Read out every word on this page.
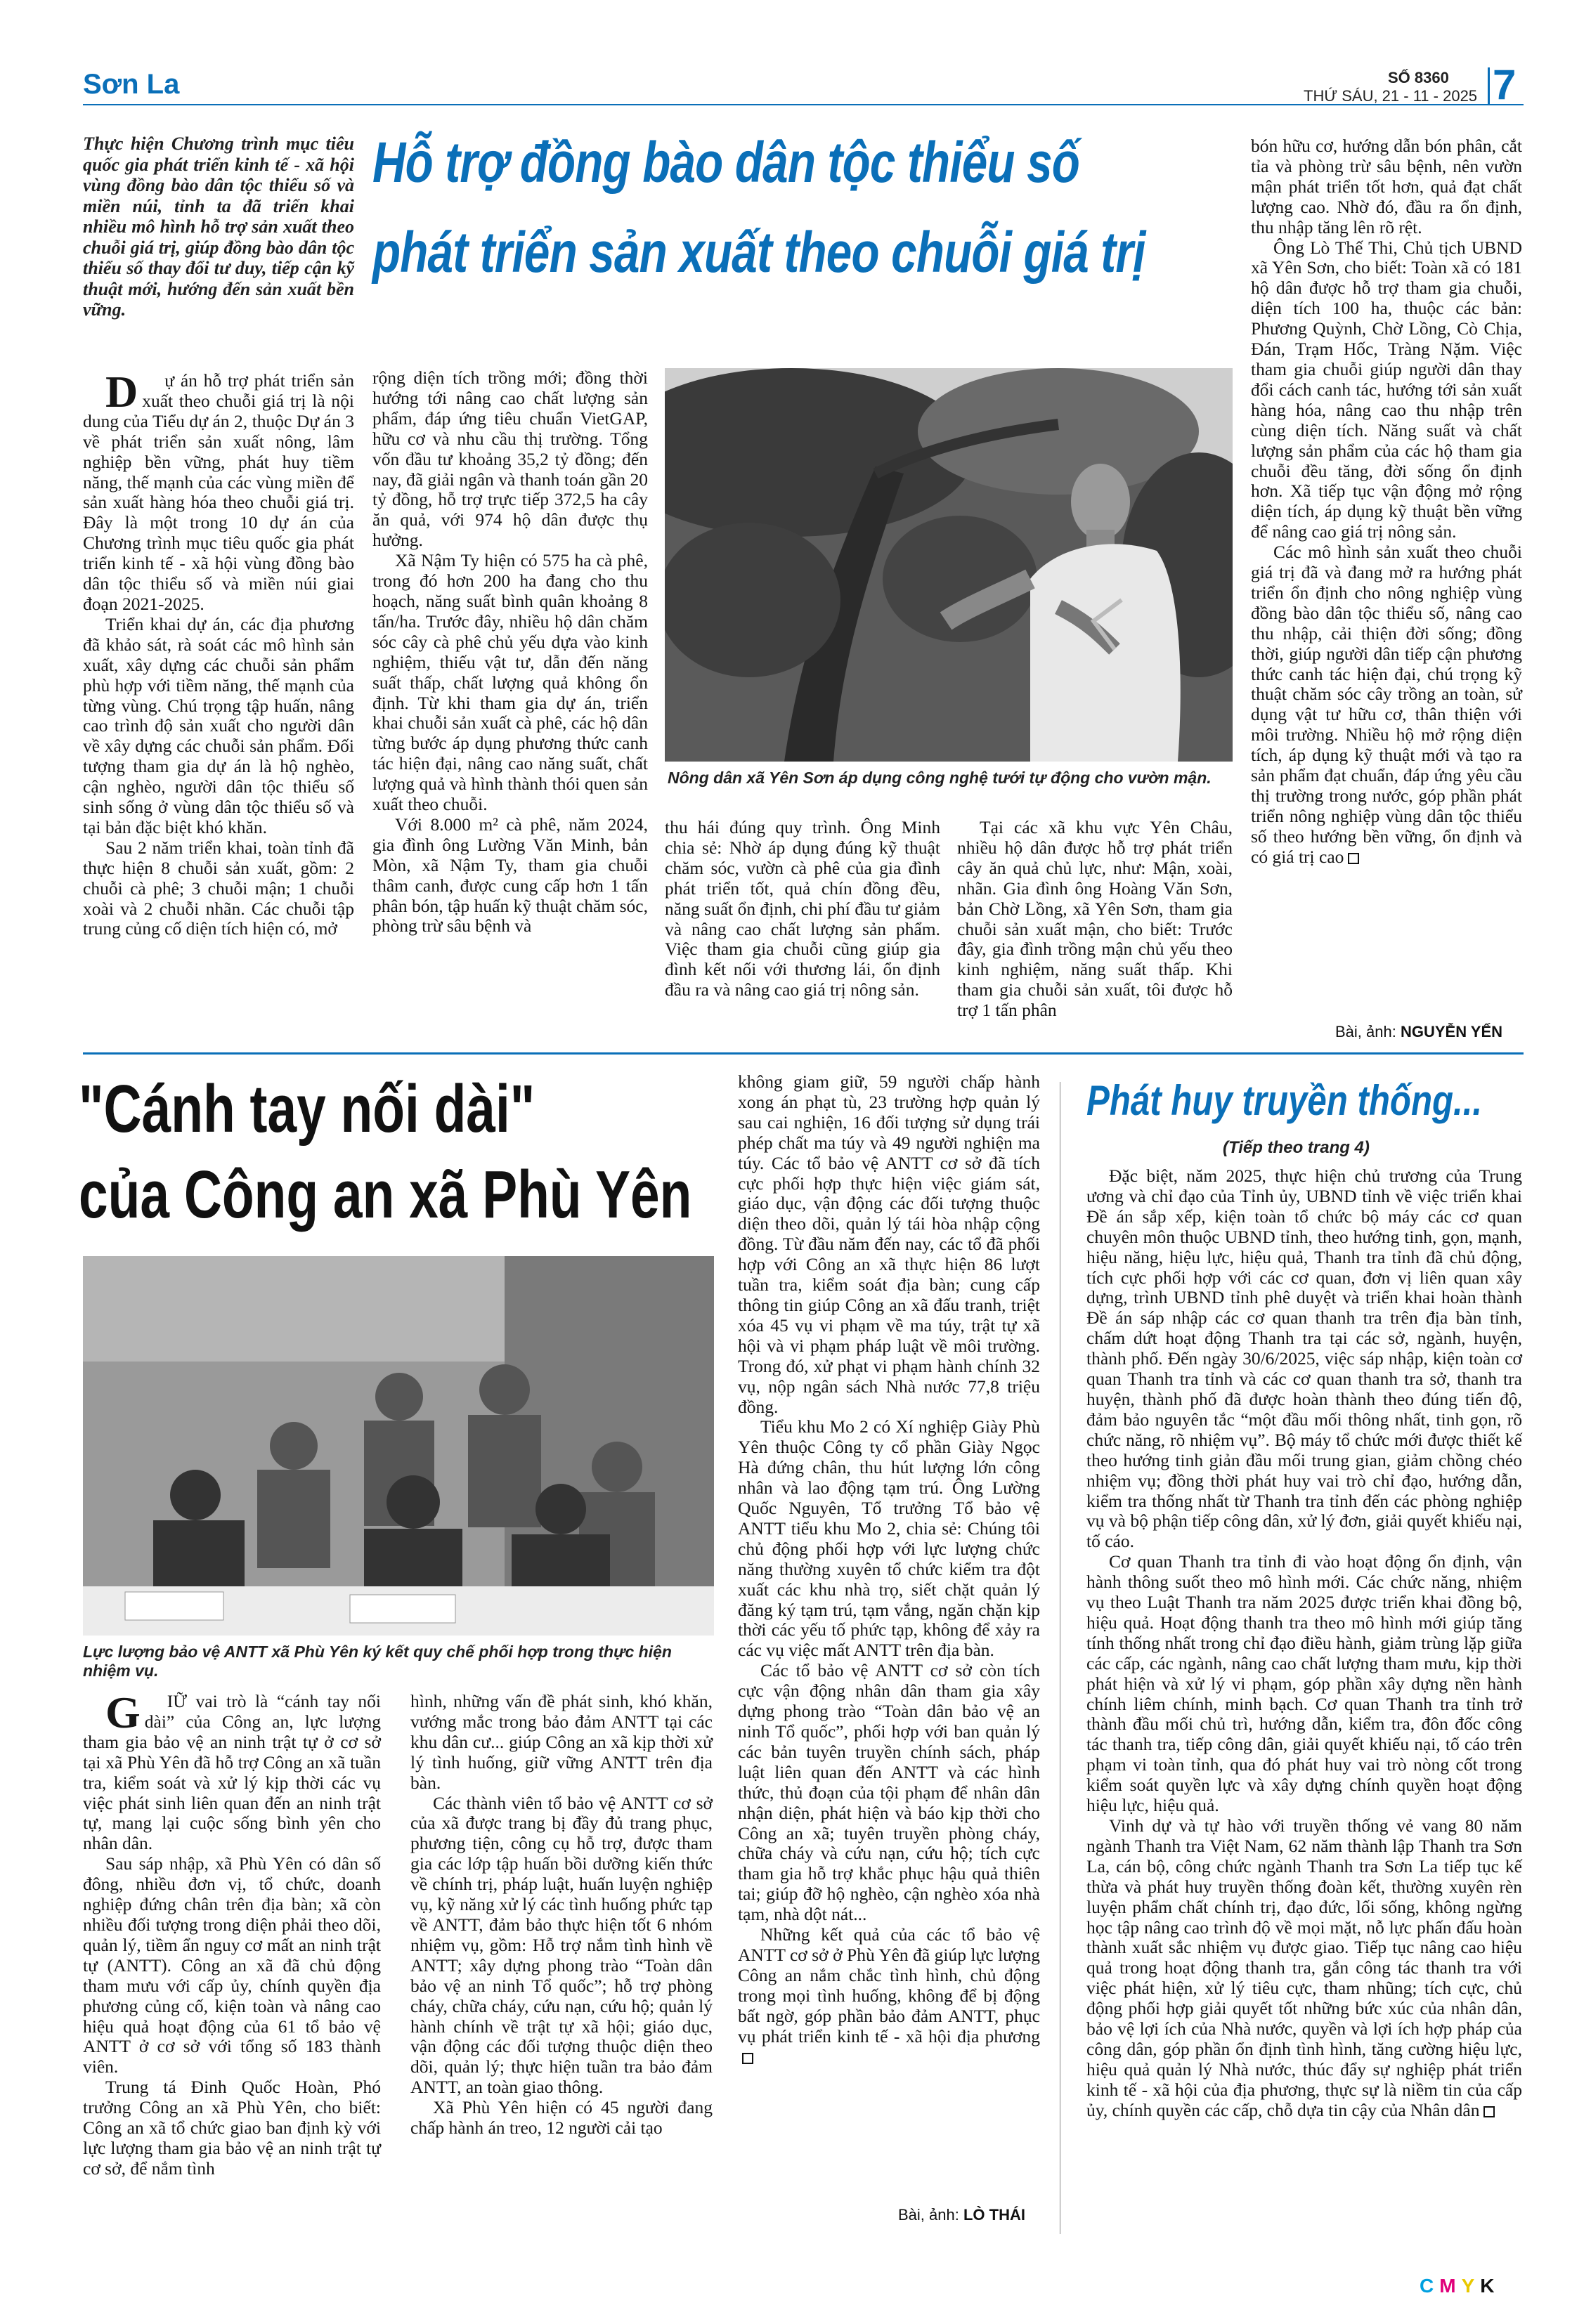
Sơn La	SỐ 8360
THỨ SÁU, 21 - 11 - 2025 7
Thực hiện Chương trình mục tiêu quốc gia phát triển kinh tế - xã hội vùng đồng bào dân tộc thiểu số và miền núi, tỉnh ta đã triển khai nhiều mô hình hỗ trợ sản xuất theo chuỗi giá trị, giúp đồng bào dân tộc thiểu số thay đổi tư duy, tiếp cận kỹ thuật mới, hướng đến sản xuất bền vững.
Hỗ trợ đồng bào dân tộc thiểu số
phát triển sản xuất theo chuỗi giá trị

Dự án hỗ trợ phát triển sản xuất theo chuỗi giá trị là nội dung của Tiểu dự án 2, thuộc Dự án 3 về phát triển sản xuất nông, lâm nghiệp bền vững, phát huy tiềm năng, thế mạnh của các vùng miền để sản xuất hàng hóa theo chuỗi giá trị. Đây là một trong 10 dự án của Chương trình mục tiêu quốc gia phát triển kinh tế - xã hội vùng đồng bào dân tộc thiểu số và miền núi giai đoạn 2021-2025.

Triển khai dự án, các địa phương đã khảo sát, rà soát các mô hình sản xuất, xây dựng các chuỗi sản phẩm phù hợp với tiềm năng, thế mạnh của từng vùng. Chú trọng tập huấn, nâng cao trình độ sản xuất cho người dân về xây dựng các chuỗi sản phẩm. Đối tượng tham gia dự án là hộ nghèo, cận nghèo, người dân tộc thiểu số sinh sống ở vùng dân tộc thiểu số và tại bản đặc biệt khó khăn.

Sau 2 năm triển khai, toàn tỉnh đã thực hiện 8 chuỗi sản xuất, gồm: 2 chuỗi cà phê; 3 chuỗi mận; 1 chuỗi xoài và 2 chuỗi nhãn. Các chuỗi tập trung củng cố diện tích hiện có, mở

rộng diện tích trồng mới; đồng thời hướng tới nâng cao chất lượng sản phẩm, đáp ứng tiêu chuẩn VietGAP, hữu cơ và nhu cầu thị trường. Tổng vốn đầu tư khoảng 35,2 tỷ đồng; đến nay, đã giải ngân và thanh toán gần 20 tỷ đồng, hỗ trợ trực tiếp 372,5 ha cây ăn quả, với 974 hộ dân được thụ hưởng.

Xã Nậm Ty hiện có 575 ha cà phê, trong đó hơn 200 ha đang cho thu hoạch, năng suất bình quân khoảng 8 tấn/ha. Trước đây, nhiều hộ dân chăm sóc cây cà phê chủ yếu dựa vào kinh nghiệm, thiếu vật tư, dẫn đến năng suất thấp, chất lượng quả không ổn định. Từ khi tham gia dự án, triển khai chuỗi sản xuất cà phê, các hộ dân từng bước áp dụng phương thức canh tác hiện đại, nâng cao năng suất, chất lượng quả và hình thành thói quen sản xuất theo chuỗi.

Với 8.000 m² cà phê, năm 2024, gia đình ông Lường Văn Minh, bản Mòn, xã Nậm Ty, tham gia chuỗi thâm canh, được cung cấp hơn 1 tấn phân bón, tập huấn kỹ thuật chăm sóc, phòng trừ sâu bệnh và

Nông dân xã Yên Sơn áp dụng công nghệ tưới tự động cho vườn mận.

thu hái đúng quy trình. Ông Minh chia sẻ: Nhờ áp dụng đúng kỹ thuật chăm sóc, vườn cà phê của gia đình phát triển tốt, quả chín đồng đều, năng suất ổn định, chi phí đầu tư giảm và nâng cao chất lượng sản phẩm. Việc tham gia chuỗi cũng giúp gia đình kết nối với thương lái, ổn định đầu ra và nâng cao giá trị nông sản.

Tại các xã khu vực Yên Châu, nhiều hộ dân được hỗ trợ phát triển cây ăn quả chủ lực, như: Mận, xoài, nhãn. Gia đình ông Hoàng Văn Sơn, bản Chờ Lồng, xã Yên Sơn, tham gia chuỗi sản xuất mận, cho biết: Trước đây, gia đình trồng mận chủ yếu theo kinh nghiệm, năng suất thấp. Khi tham gia chuỗi sản xuất, tôi được hỗ trợ 1 tấn phân

bón hữu cơ, hướng dẫn bón phân, cắt tỉa và phòng trừ sâu bệnh, nên vườn mận phát triển tốt hơn, quả đạt chất lượng cao. Nhờ đó, đầu ra ổn định, thu nhập tăng lên rõ rệt.

Ông Lò Thế Thi, Chủ tịch UBND xã Yên Sơn, cho biết: Toàn xã có 181 hộ dân được hỗ trợ tham gia chuỗi, diện tích 100 ha, thuộc các bản: Phương Quỳnh, Chờ Lồng, Cò Chịa, Đán, Trạm Hốc, Tràng Nặm. Việc tham gia chuỗi giúp người dân thay đổi cách canh tác, hướng tới sản xuất hàng hóa, nâng cao thu nhập trên cùng diện tích. Năng suất và chất lượng sản phẩm của các hộ tham gia chuỗi đều tăng, đời sống ổn định hơn. Xã tiếp tục vận động mở rộng diện tích, áp dụng kỹ thuật bền vững để nâng cao giá trị nông sản.

Các mô hình sản xuất theo chuỗi giá trị đã và đang mở ra hướng phát triển ổn định cho nông nghiệp vùng đồng bào dân tộc thiểu số, nâng cao thu nhập, cải thiện đời sống; đồng thời, giúp người dân tiếp cận phương thức canh tác hiện đại, chú trọng kỹ thuật chăm sóc cây trồng an toàn, sử dụng vật tư hữu cơ, thân thiện với môi trường. Nhiều hộ mở rộng diện tích, áp dụng kỹ thuật mới và tạo ra sản phẩm đạt chuẩn, đáp ứng yêu cầu thị trường trong nước, góp phần phát triển nông nghiệp vùng dân tộc thiểu số theo hướng bền vững, ổn định và có giá trị cao

Bài, ảnh: NGUYỄN YẾN
"Cánh tay nối dài"
của Công an xã Phù Yên
Lực lượng bảo vệ ANTT xã Phù Yên ký kết quy chế phối hợp trong thực hiện nhiệm vụ.

GIỮ vai trò là “cánh tay nối dài” của Công an, lực lượng tham gia bảo vệ an ninh trật tự ở cơ sở tại xã Phù Yên đã hỗ trợ Công an xã tuần tra, kiểm soát và xử lý kịp thời các vụ việc phát sinh liên quan đến an ninh trật tự, mang lại cuộc sống bình yên cho nhân dân.

Sau sáp nhập, xã Phù Yên có dân số đông, nhiều đơn vị, tổ chức, doanh nghiệp đứng chân trên địa bàn; xã còn nhiều đối tượng trong diện phải theo dõi, quản lý, tiềm ẩn nguy cơ mất an ninh trật tự (ANTT). Công an xã đã chủ động tham mưu với cấp ủy, chính quyền địa phương củng cố, kiện toàn và nâng cao hiệu quả hoạt động của 61 tổ bảo vệ ANTT ở cơ sở với tổng số 183 thành viên.

Trung tá Đinh Quốc Hoàn, Phó trưởng Công an xã Phù Yên, cho biết: Công an xã tổ chức giao ban định kỳ với lực lượng tham gia bảo vệ an ninh trật tự cơ sở, để nắm tình

hình, những vấn đề phát sinh, khó khăn, vướng mắc trong bảo đảm ANTT tại các khu dân cư... giúp Công an xã kịp thời xử lý tình huống, giữ vững ANTT trên địa bàn.

Các thành viên tổ bảo vệ ANTT cơ sở của xã được trang bị đầy đủ trang phục, phương tiện, công cụ hỗ trợ, được tham gia các lớp tập huấn bồi dưỡng kiến thức về chính trị, pháp luật, huấn luyện nghiệp vụ, kỹ năng xử lý các tình huống phức tạp về ANTT, đảm bảo thực hiện tốt 6 nhóm nhiệm vụ, gồm: Hỗ trợ nắm tình hình về ANTT; xây dựng phong trào “Toàn dân bảo vệ an ninh Tổ quốc”; hỗ trợ phòng cháy, chữa cháy, cứu nạn, cứu hộ; quản lý hành chính về trật tự xã hội; giáo dục, vận động các đối tượng thuộc diện theo dõi, quản lý; thực hiện tuần tra bảo đảm ANTT, an toàn giao thông.

Xã Phù Yên hiện có 45 người đang chấp hành án treo, 12 người cải tạo

không giam giữ, 59 người chấp hành xong án phạt tù, 23 trường hợp quản lý sau cai nghiện, 16 đối tượng sử dụng trái phép chất ma túy và 49 người nghiện ma túy. Các tổ bảo vệ ANTT cơ sở đã tích cực phối hợp thực hiện việc giám sát, giáo dục, vận động các đối tượng thuộc diện theo dõi, quản lý tái hòa nhập cộng đồng. Từ đầu năm đến nay, các tổ đã phối hợp với Công an xã thực hiện 86 lượt tuần tra, kiểm soát địa bàn; cung cấp thông tin giúp Công an xã đấu tranh, triệt xóa 45 vụ vi phạm về ma túy, trật tự xã hội và vi phạm pháp luật về môi trường. Trong đó, xử phạt vi phạm hành chính 32 vụ, nộp ngân sách Nhà nước 77,8 triệu đồng.

Tiểu khu Mo 2 có Xí nghiệp Giày Phù Yên thuộc Công ty cổ phần Giày Ngọc Hà đứng chân, thu hút lượng lớn công nhân và lao động tạm trú. Ông Lường Quốc Nguyên, Tổ trưởng Tổ bảo vệ ANTT tiểu khu Mo 2, chia sẻ: Chúng tôi chủ động phối hợp với lực lượng chức năng thường xuyên tổ chức kiểm tra đột xuất các khu nhà trọ, siết chặt quản lý đăng ký tạm trú, tạm vắng, ngăn chặn kịp thời các yếu tố phức tạp, không để xảy ra các vụ việc mất ANTT trên địa bàn.

Các tổ bảo vệ ANTT cơ sở còn tích cực vận động nhân dân tham gia xây dựng phong trào “Toàn dân bảo vệ an ninh Tổ quốc”, phối hợp với ban quản lý các bản tuyên truyền chính sách, pháp luật liên quan đến ANTT và các hình thức, thủ đoạn của tội phạm để nhân dân nhận diện, phát hiện và báo kịp thời cho Công an xã; tuyên truyền phòng cháy, chữa cháy và cứu nạn, cứu hộ; tích cực tham gia hỗ trợ khắc phục hậu quả thiên tai; giúp đỡ hộ nghèo, cận nghèo xóa nhà tạm, nhà dột nát...

Những kết quả của các tổ bảo vệ ANTT cơ sở ở Phù Yên đã giúp lực lượng Công an nắm chắc tình hình, chủ động trong mọi tình huống, không để bị động bất ngờ, góp phần bảo đảm ANTT, phục vụ phát triển kinh tế - xã hội địa phương

Bài, ảnh: LÒ THÁI
Phát huy truyền thống...
(Tiếp theo trang 4)

Đặc biệt, năm 2025, thực hiện chủ trương của Trung ương và chỉ đạo của Tỉnh ủy, UBND tỉnh về việc triển khai Đề án sắp xếp, kiện toàn tổ chức bộ máy các cơ quan chuyên môn thuộc UBND tỉnh, theo hướng tinh, gọn, mạnh, hiệu năng, hiệu lực, hiệu quả, Thanh tra tỉnh đã chủ động, tích cực phối hợp với các cơ quan, đơn vị liên quan xây dựng, trình UBND tỉnh phê duyệt và triển khai hoàn thành Đề án sáp nhập các cơ quan thanh tra trên địa bàn tỉnh, chấm dứt hoạt động Thanh tra tại các sở, ngành, huyện, thành phố. Đến ngày 30/6/2025, việc sáp nhập, kiện toàn cơ quan Thanh tra tỉnh và các cơ quan thanh tra sở, thanh tra huyện, thành phố đã được hoàn thành theo đúng tiến độ, đảm bảo nguyên tắc “một đầu mối thông nhất, tinh gọn, rõ chức năng, rõ nhiệm vụ”. Bộ máy tổ chức mới được thiết kế theo hướng tinh giản đầu mối trung gian, giảm chồng chéo nhiệm vụ; đồng thời phát huy vai trò chỉ đạo, hướng dẫn, kiểm tra thống nhất từ Thanh tra tỉnh đến các phòng nghiệp vụ và bộ phận tiếp công dân, xử lý đơn, giải quyết khiếu nại, tố cáo.

Cơ quan Thanh tra tỉnh đi vào hoạt động ổn định, vận hành thông suốt theo mô hình mới. Các chức năng, nhiệm vụ theo Luật Thanh tra năm 2025 được triển khai đồng bộ, hiệu quả. Hoạt động thanh tra theo mô hình mới giúp tăng tính thống nhất trong chỉ đạo điều hành, giảm trùng lặp giữa các cấp, các ngành, nâng cao chất lượng tham mưu, kịp thời phát hiện và xử lý vi phạm, góp phần xây dựng nền hành chính liêm chính, minh bạch. Cơ quan Thanh tra tỉnh trở thành đầu mối chủ trì, hướng dẫn, kiểm tra, đôn đốc công tác thanh tra, tiếp công dân, giải quyết khiếu nại, tố cáo trên phạm vi toàn tỉnh, qua đó phát huy vai trò nòng cốt trong kiểm soát quyền lực và xây dựng chính quyền hoạt động hiệu lực, hiệu quả.

Vinh dự và tự hào với truyền thống vẻ vang 80 năm ngành Thanh tra Việt Nam, 62 năm thành lập Thanh tra Sơn La, cán bộ, công chức ngành Thanh tra Sơn La tiếp tục kế thừa và phát huy truyền thống đoàn kết, thường xuyên rèn luyện phẩm chất chính trị, đạo đức, lối sống, không ngừng học tập nâng cao trình độ về mọi mặt, nỗ lực phấn đấu hoàn thành xuất sắc nhiệm vụ được giao. Tiếp tục nâng cao hiệu quả trong hoạt động thanh tra, gắn công tác thanh tra với việc phát hiện, xử lý tiêu cực, tham nhũng; tích cực, chủ động phối hợp giải quyết tốt những bức xúc của nhân dân, bảo vệ lợi ích của Nhà nước, quyền và lợi ích hợp pháp của công dân, góp phần ổn định tình hình, tăng cường hiệu lực, hiệu quả quản lý Nhà nước, thúc đẩy sự nghiệp phát triển kinh tế - xã hội của địa phương, thực sự là niềm tin của cấp ủy, chính quyền các cấp, chỗ dựa tin cậy của Nhân dân

CMYK
